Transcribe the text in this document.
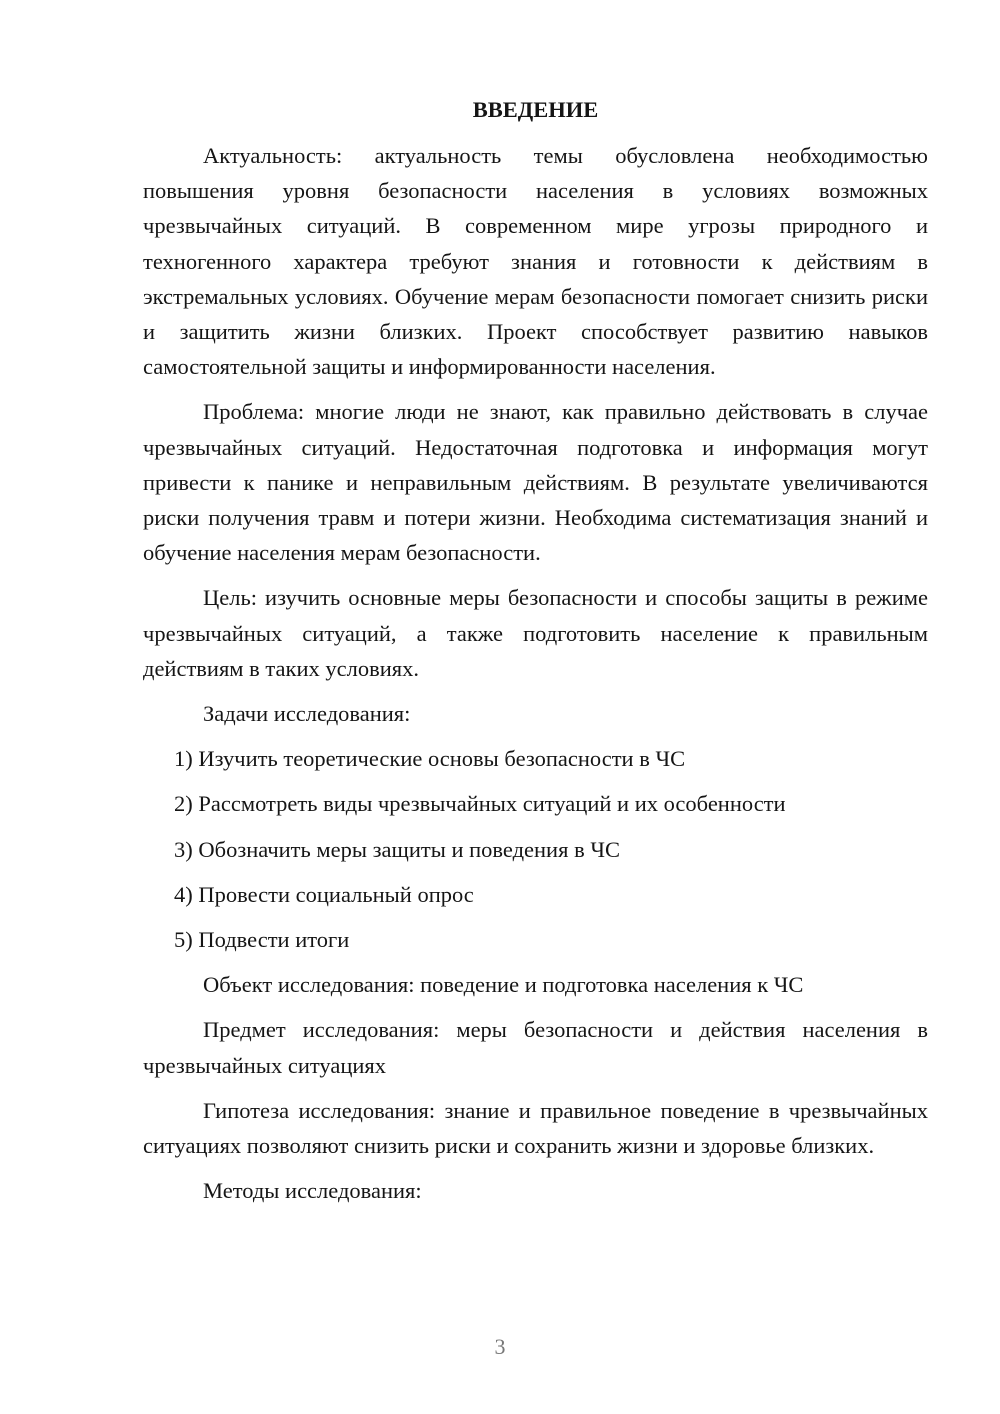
ВВЕДЕНИЕ

Актуальность: актуальность темы обусловлена необходимостью повышения уровня безопасности населения в условиях возможных чрезвычайных ситуаций. В современном мире угрозы природного и техногенного характера требуют знания и готовности к действиям в экстремальных условиях. Обучение мерам безопасности помогает снизить риски и защитить жизни близких. Проект способствует развитию навыков самостоятельной защиты и информированности населения.

Проблема: многие люди не знают, как правильно действовать в случае чрезвычайных ситуаций. Недостаточная подготовка и информация могут привести к панике и неправильным действиям. В результате увеличиваются риски получения травм и потери жизни. Необходима систематизация знаний и обучение населения мерам безопасности.

Цель: изучить основные меры безопасности и способы защиты в режиме чрезвычайных ситуаций, а также подготовить население к правильным действиям в таких условиях.

Задачи исследования:
1) Изучить теоретические основы безопасности в ЧС
2) Рассмотреть виды чрезвычайных ситуаций и их особенности
3) Обозначить меры защиты и поведения в ЧС
4) Провести социальный опрос
5) Подвести итоги
Объект исследования: поведение и подготовка населения к ЧС

Предмет исследования: меры безопасности и действия населения в чрезвычайных ситуациях

Гипотеза исследования: знание и правильное поведение в чрезвычайных ситуациях позволяют снизить риски и сохранить жизни и здоровье близких.

Методы исследования:
3
